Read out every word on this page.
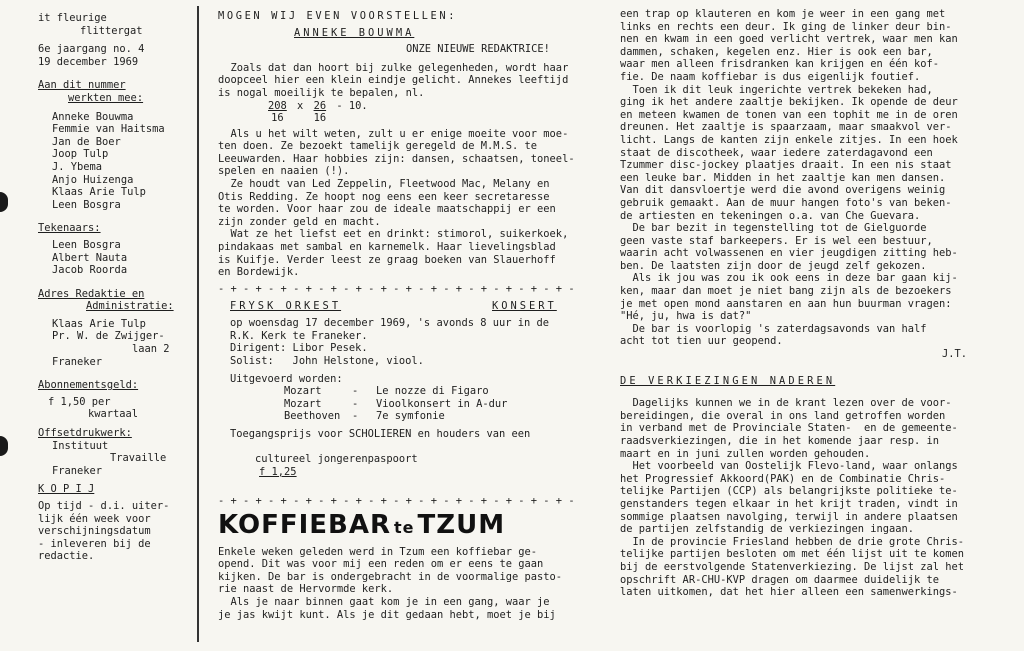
it fleurige
flittergat
6e jaargang no. 4
19 december 1969
Aan dit nummer
werkten mee:
Anneke Bouwma
Femmie van Haitsma
Jan de Boer
Joop Tulp
J. Ybema
Anjo Huizenga
Klaas Arie Tulp
Leen Bosgra
Tekenaars:
Leen Bosgra
Albert Nauta
Jacob Roorda
Adres Redaktie en
Administratie:
Klaas Arie Tulp
Pr. W. de Zwijger-
laan 2
Franeker
Abonnementsgeld:
f 1,50 per
kwartaal
Offsetdrukwerk:
Instituut
Travaille
Franeker
K O P I J
Op tijd - d.i. uiter-
lijk één week voor
verschijningsdatum
- inleveren bij de
redactie.
MOGEN WIJ EVEN VOORSTELLEN:
ANNEKE BOUWMA
ONZE NIEUWE REDAKTRICE!
Zoals dat dan hoort bij zulke gelegenheden, wordt haar
doopceel hier een klein eindje gelicht. Annekes leeftijd
is nogal moeilijk te bepalen, nl.
$\frac{208}{16}$ x $\frac{26}{16} - 10$.
Als u het wilt weten, zult u er enige moeite voor moe-
ten doen. Ze bezoekt tamelijk geregeld de M.M.S. te
Leeuwarden. Haar hobbies zijn: dansen, schaatsen, toneel-
spelen en naaien (!).
Ze houdt van Led Zeppelin, Fleetwood Mac, Melany en
Otis Redding. Ze hoopt nog eens een keer secretaresse
te worden. Voor haar zou de ideale maatschappij er een
zijn zonder geld en macht.
Wat ze het liefst eet en drinkt: stimorol, suikerkoek,
pindakaas met sambal en karnemelk. Haar lievelingsblad
is Kuifje. Verder leest ze graag boeken van Slauerhoff
en Bordewijk.
- + - + - + - + - + - + - + - + - + - + - + - + - + - + -
FRYSK ORKEST	KONSERT
op woensdag 17 december 1969, 's avonds 8 uur in de
R.K. Kerk te Franeker.
Dirigent: Libor Pesek.
Solist:   John Helstone, viool.
Uitgevoerd worden:
Mozart	- Le nozze di Figaro
Mozart	- Vioolkonsert in A-dur
Beethoven - 7e symfonie
Toegangsprijs voor SCHOLIEREN en houders van een

cultureel jongerenpaspoort
f 1,25

- + - + - + - + - + - + - + - + - + - + - + - + - + - + -
KOFFIEBAR te TZUM
Enkele weken geleden werd in Tzum een koffiebar ge-
opend. Dit was voor mij een reden om er eens te gaan
kijken. De bar is ondergebracht in de voormalige pasto-
rie naast de Hervormde kerk.
Als je naar binnen gaat kom je in een gang, waar je
je jas kwijt kunt. Als je dit gedaan hebt, moet je bij
een trap op klauteren en kom je weer in een gang met
links en rechts een deur. Ik ging de linker deur bin-
nen en kwam in een goed verlicht vertrek, waar men kan
dammen, schaken, kegelen enz. Hier is ook een bar,
waar men alleen frisdranken kan krijgen en één kof-
fie. De naam koffiebar is dus eigenlijk foutief.
Toen ik dit leuk ingerichte vertrek bekeken had,
ging ik het andere zaaltje bekijken. Ik opende de deur
en meteen kwamen de tonen van een tophit me in de oren
dreunen. Het zaaltje is spaarzaam, maar smaakvol ver-
licht. Langs de kanten zijn enkele zitjes. In een hoek
staat de discotheek, waar iedere zaterdagavond een
Tzummer disc-jockey plaatjes draait. In een nis staat
een leuke bar. Midden in het zaaltje kan men dansen.
Van dit dansvloertje werd die avond overigens weinig
gebruik gemaakt. Aan de muur hangen foto's van beken-
de artiesten en tekeningen o.a. van Che Guevara.
De bar bezit in tegenstelling tot de Gielguorde
geen vaste staf barkeepers. Er is wel een bestuur,
waarin acht volwassenen en vier jeugdigen zitting heb-
ben. De laatsten zijn door de jeugd zelf gekozen.
Als ik jou was zou ik ook eens in deze bar gaan kij-
ken, maar dan moet je niet bang zijn als de bezoekers
je met open mond aanstaren en aan hun buurman vragen:
"Hé, ju, hwa is dat?"
De bar is voorlopig 's zaterdagsavonds van half
acht tot tien uur geopend.
J.T.
DE VERKIEZINGEN NADEREN
Dagelijks kunnen we in de krant lezen over de voor-
bereidingen, die overal in ons land getroffen worden
in verband met de Provinciale Staten-  en de gemeente-
raadsverkiezingen, die in het komende jaar resp. in
maart en in juni zullen worden gehouden.
Het voorbeeld van Oostelijk Flevo-land, waar onlangs
het Progressief Akkoord(PAK) en de Combinatie Chris-
telijke Partijen (CCP) als belangrijkste politieke te-
genstanders tegen elkaar in het krijt traden, vindt in
sommige plaatsen navolging, terwijl in andere plaatsen
de partijen zelfstandig de verkiezingen ingaan.
In de provincie Friesland hebben de drie grote Chris-
telijke partijen besloten om met één lijst uit te komen
bij de eerstvolgende Statenverkiezing. De lijst zal het
opschrift AR-CHU-KVP dragen om daarmee duidelijk te
laten uitkomen, dat het hier alleen een samenwerkings-
